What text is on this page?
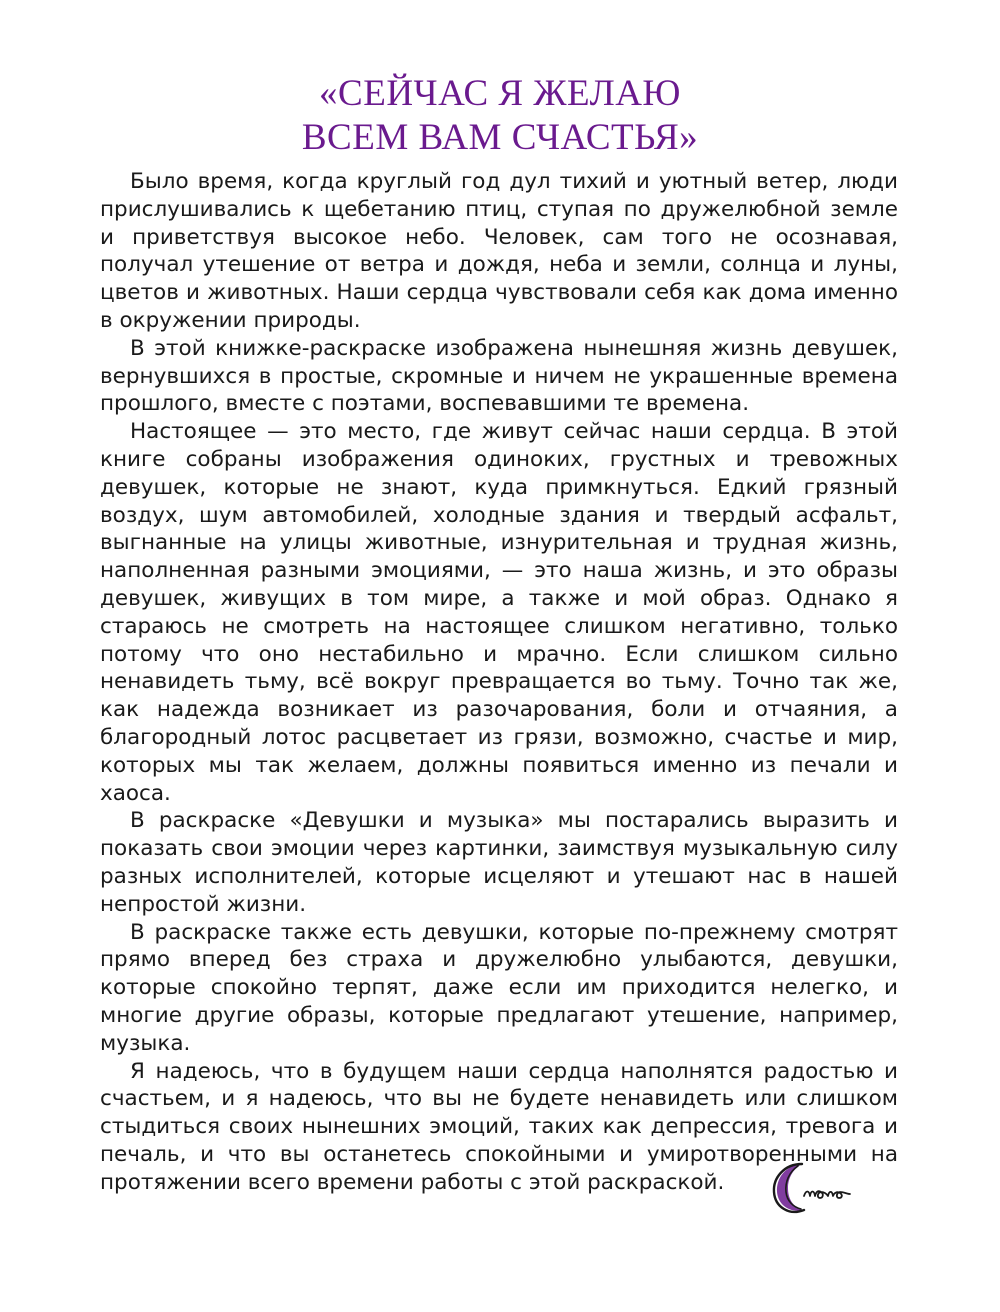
«СЕЙЧАС Я ЖЕЛАЮ
ВСЕМ ВАМ СЧАСТЬЯ»

Было время, когда круглый год дул тихий и уютный ветер, люди прислушивались к щебетанию птиц, ступая по дружелюбной земле и приветствуя высокое небо. Человек, сам того не осознавая, получал утешение от ветра и дождя, неба и земли, солнца и луны, цветов и животных. Наши сердца чувствовали себя как дома именно в окружении природы.

В этой книжке-раскраске изображена нынешняя жизнь девушек, вернувшихся в простые, скромные и ничем не украшенные времена прошлого, вместе с поэтами, воспевавшими те времена.

Настоящее — это место, где живут сейчас наши сердца. В этой книге собраны изображения одиноких, грустных и тревожных девушек, которые не знают, куда примкнуться. Едкий грязный воздух, шум автомобилей, холодные здания и твердый асфальт, выгнанные на улицы животные, изнурительная и трудная жизнь, наполненная разными эмоциями, — это наша жизнь, и это образы девушек, живущих в том мире, а также и мой образ. Однако я стараюсь не смотреть на настоящее слишком негативно, только потому что оно нестабильно и мрачно. Если слишком сильно ненавидеть тьму, всё вокруг превращается во тьму. Точно так же, как надежда возникает из разочарования, боли и отчаяния, а благородный лотос расцветает из грязи, возможно, счастье и мир, которых мы так желаем, должны появиться именно из печали и хаоса.

В раскраске «Девушки и музыка» мы постарались выразить и показать свои эмоции через картинки, заимствуя музыкальную силу разных исполнителей, которые исцеляют и утешают нас в нашей непростой жизни.

В раскраске также есть девушки, которые по-прежнему смотрят прямо вперед без страха и дружелюбно улыбаются, девушки, которые спокойно терпят, даже если им приходится нелегко, и многие другие образы, которые предлагают утешение, например, музыка.

Я надеюсь, что в будущем наши сердца наполнятся радостью и счастьем, и я надеюсь, что вы не будете ненавидеть или слишком стыдиться своих нынешних эмоций, таких как депрессия, тревога и печаль, и что вы останетесь спокойными и умиротворенными на протяжении всего времени работы с этой раскраской.
